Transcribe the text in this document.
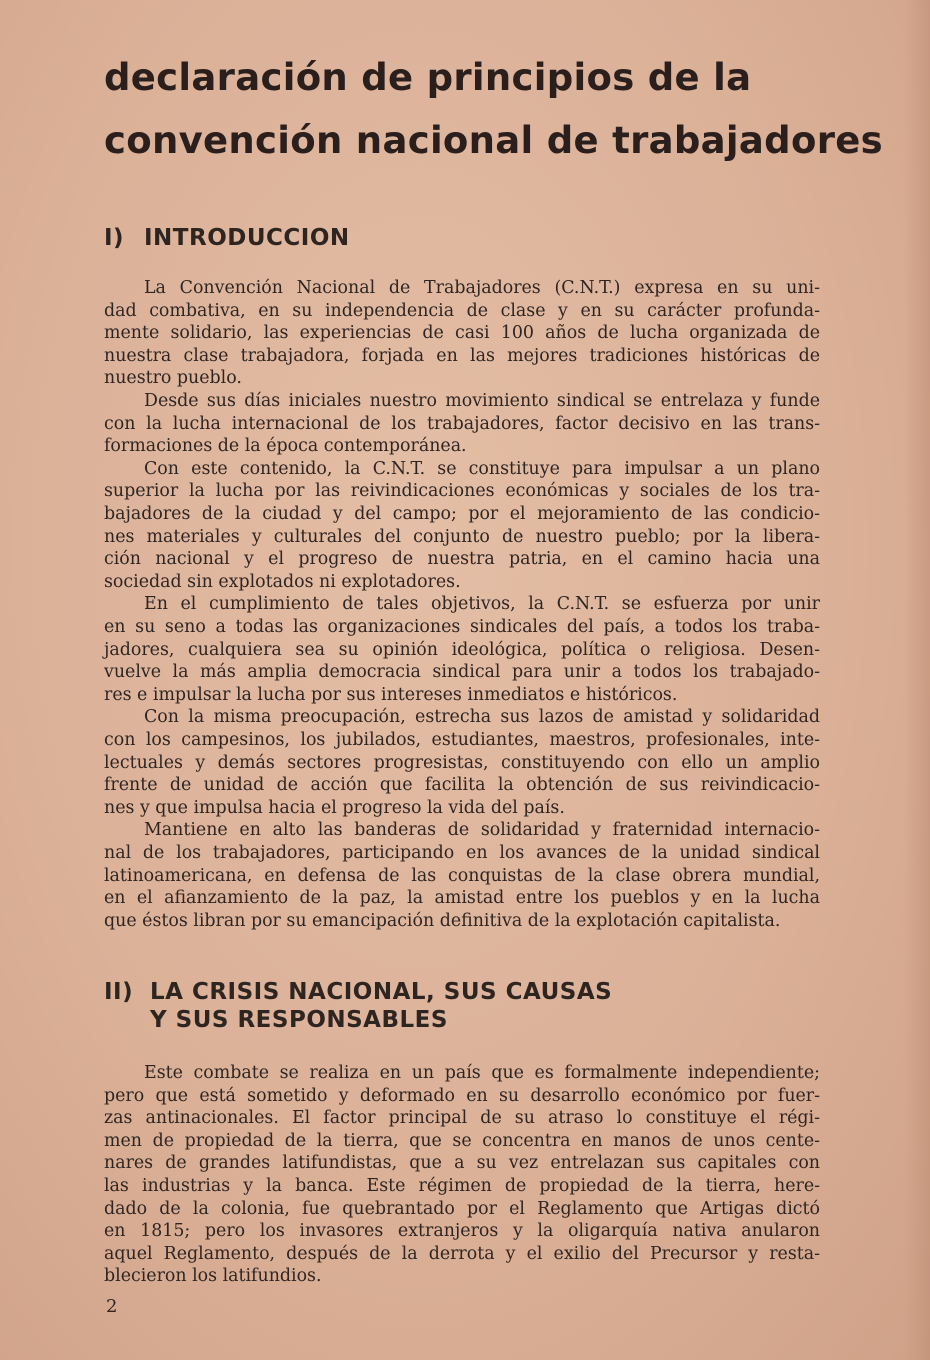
declaración de principios de la
convención nacional de trabajadores
I) INTRODUCCION
La Convención Nacional de Trabajadores (C.N.T.) expresa en su uni-
dad combativa, en su independencia de clase y en su carácter profunda-
mente solidario, las experiencias de casi 100 años de lucha organizada de
nuestra clase trabajadora, forjada en las mejores tradiciones históricas de
nuestro pueblo.
Desde sus días iniciales nuestro movimiento sindical se entrelaza y funde
con la lucha internacional de los trabajadores, factor decisivo en las trans-
formaciones de la época contemporánea.
Con este contenido, la C.N.T. se constituye para impulsar a un plano
superior la lucha por las reivindicaciones económicas y sociales de los tra-
bajadores de la ciudad y del campo; por el mejoramiento de las condicio-
nes materiales y culturales del conjunto de nuestro pueblo; por la libera-
ción nacional y el progreso de nuestra patria, en el camino hacia una
sociedad sin explotados ni explotadores.
En el cumplimiento de tales objetivos, la C.N.T. se esfuerza por unir
en su seno a todas las organizaciones sindicales del país, a todos los traba-
jadores, cualquiera sea su opinión ideológica, política o religiosa. Desen-
vuelve la más amplia democracia sindical para unir a todos los trabajado-
res e impulsar la lucha por sus intereses inmediatos e históricos.
Con la misma preocupación, estrecha sus lazos de amistad y solidaridad
con los campesinos, los jubilados, estudiantes, maestros, profesionales, inte-
lectuales y demás sectores progresistas, constituyendo con ello un amplio
frente de unidad de acción que facilita la obtención de sus reivindicacio-
nes y que impulsa hacia el progreso la vida del país.
Mantiene en alto las banderas de solidaridad y fraternidad internacio-
nal de los trabajadores, participando en los avances de la unidad sindical
latinoamericana, en defensa de las conquistas de la clase obrera mundial,
en el afianzamiento de la paz, la amistad entre los pueblos y en la lucha
que éstos libran por su emancipación definitiva de la explotación capitalista.
II) LA CRISIS NACIONAL, SUS CAUSAS
Y SUS RESPONSABLES
Este combate se realiza en un país que es formalmente independiente;
pero que está sometido y deformado en su desarrollo económico por fuer-
zas antinacionales. El factor principal de su atraso lo constituye el régi-
men de propiedad de la tierra, que se concentra en manos de unos cente-
nares de grandes latifundistas, que a su vez entrelazan sus capitales con
las industrias y la banca. Este régimen de propiedad de la tierra, here-
dado de la colonia, fue quebrantado por el Reglamento que Artigas dictó
en 1815; pero los invasores extranjeros y la oligarquía nativa anularon
aquel Reglamento, después de la derrota y el exilio del Precursor y resta-
blecieron los latifundios.
2
